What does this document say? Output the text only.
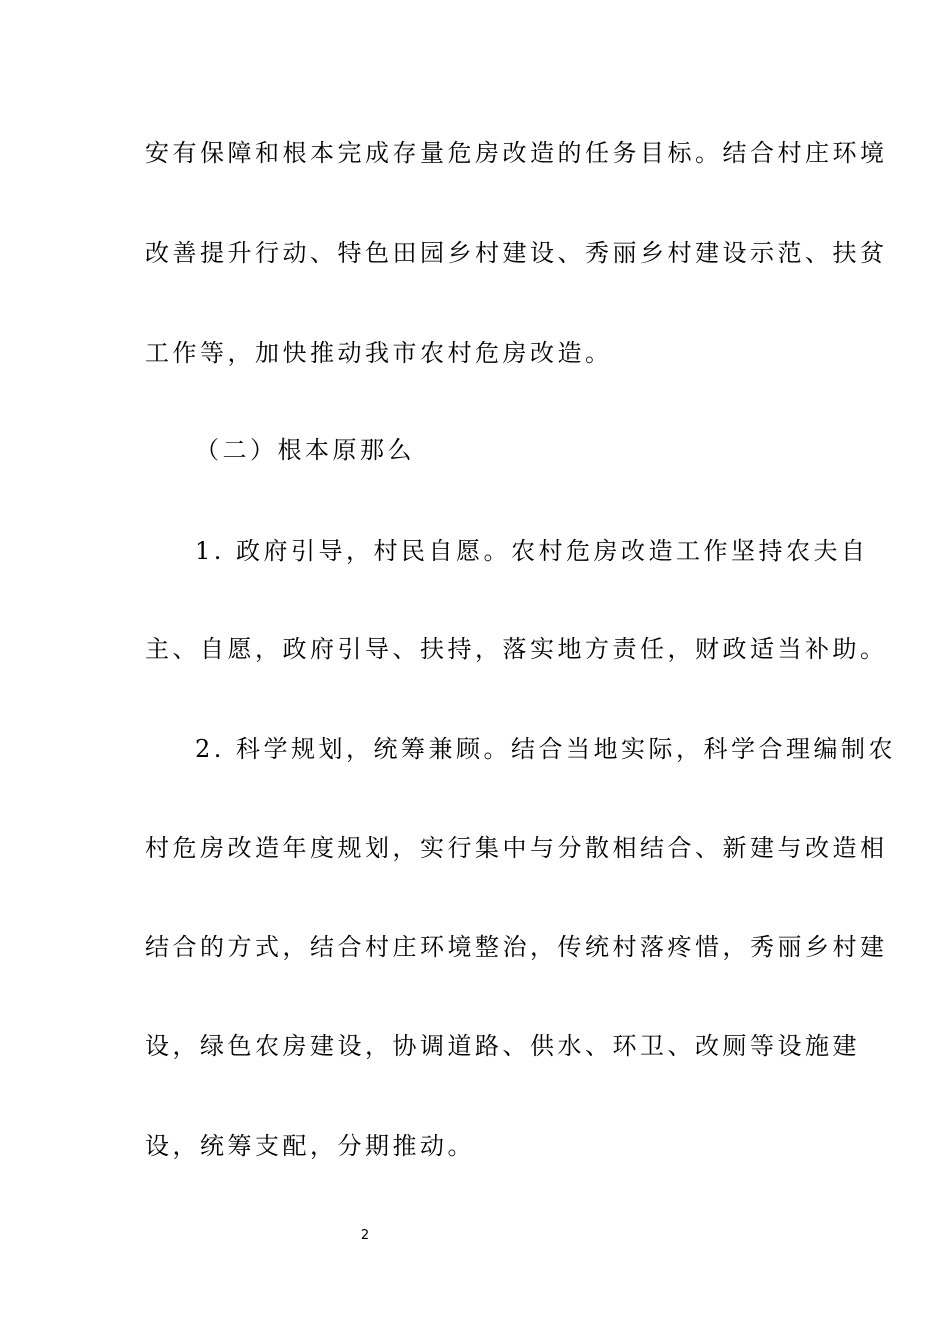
安有保障和根本完成存量危房改造的任务目标。结合村庄环境
改善提升行动、特色田园乡村建设、秀丽乡村建设示范、扶贫
工作等，加快推动我市农村危房改造。
（二）根本原那么
1. 政府引导，村民自愿。农村危房改造工作坚持农夫自
主、自愿，政府引导、扶持，落实地方责任，财政适当补助。
2. 科学规划，统筹兼顾。结合当地实际，科学合理编制农
村危房改造年度规划，实行集中与分散相结合、新建与改造相
结合的方式，结合村庄环境整治，传统村落疼惜，秀丽乡村建
设，绿色农房建设，协调道路、供水、环卫、改厕等设施建
设，统筹支配，分期推动。
2
